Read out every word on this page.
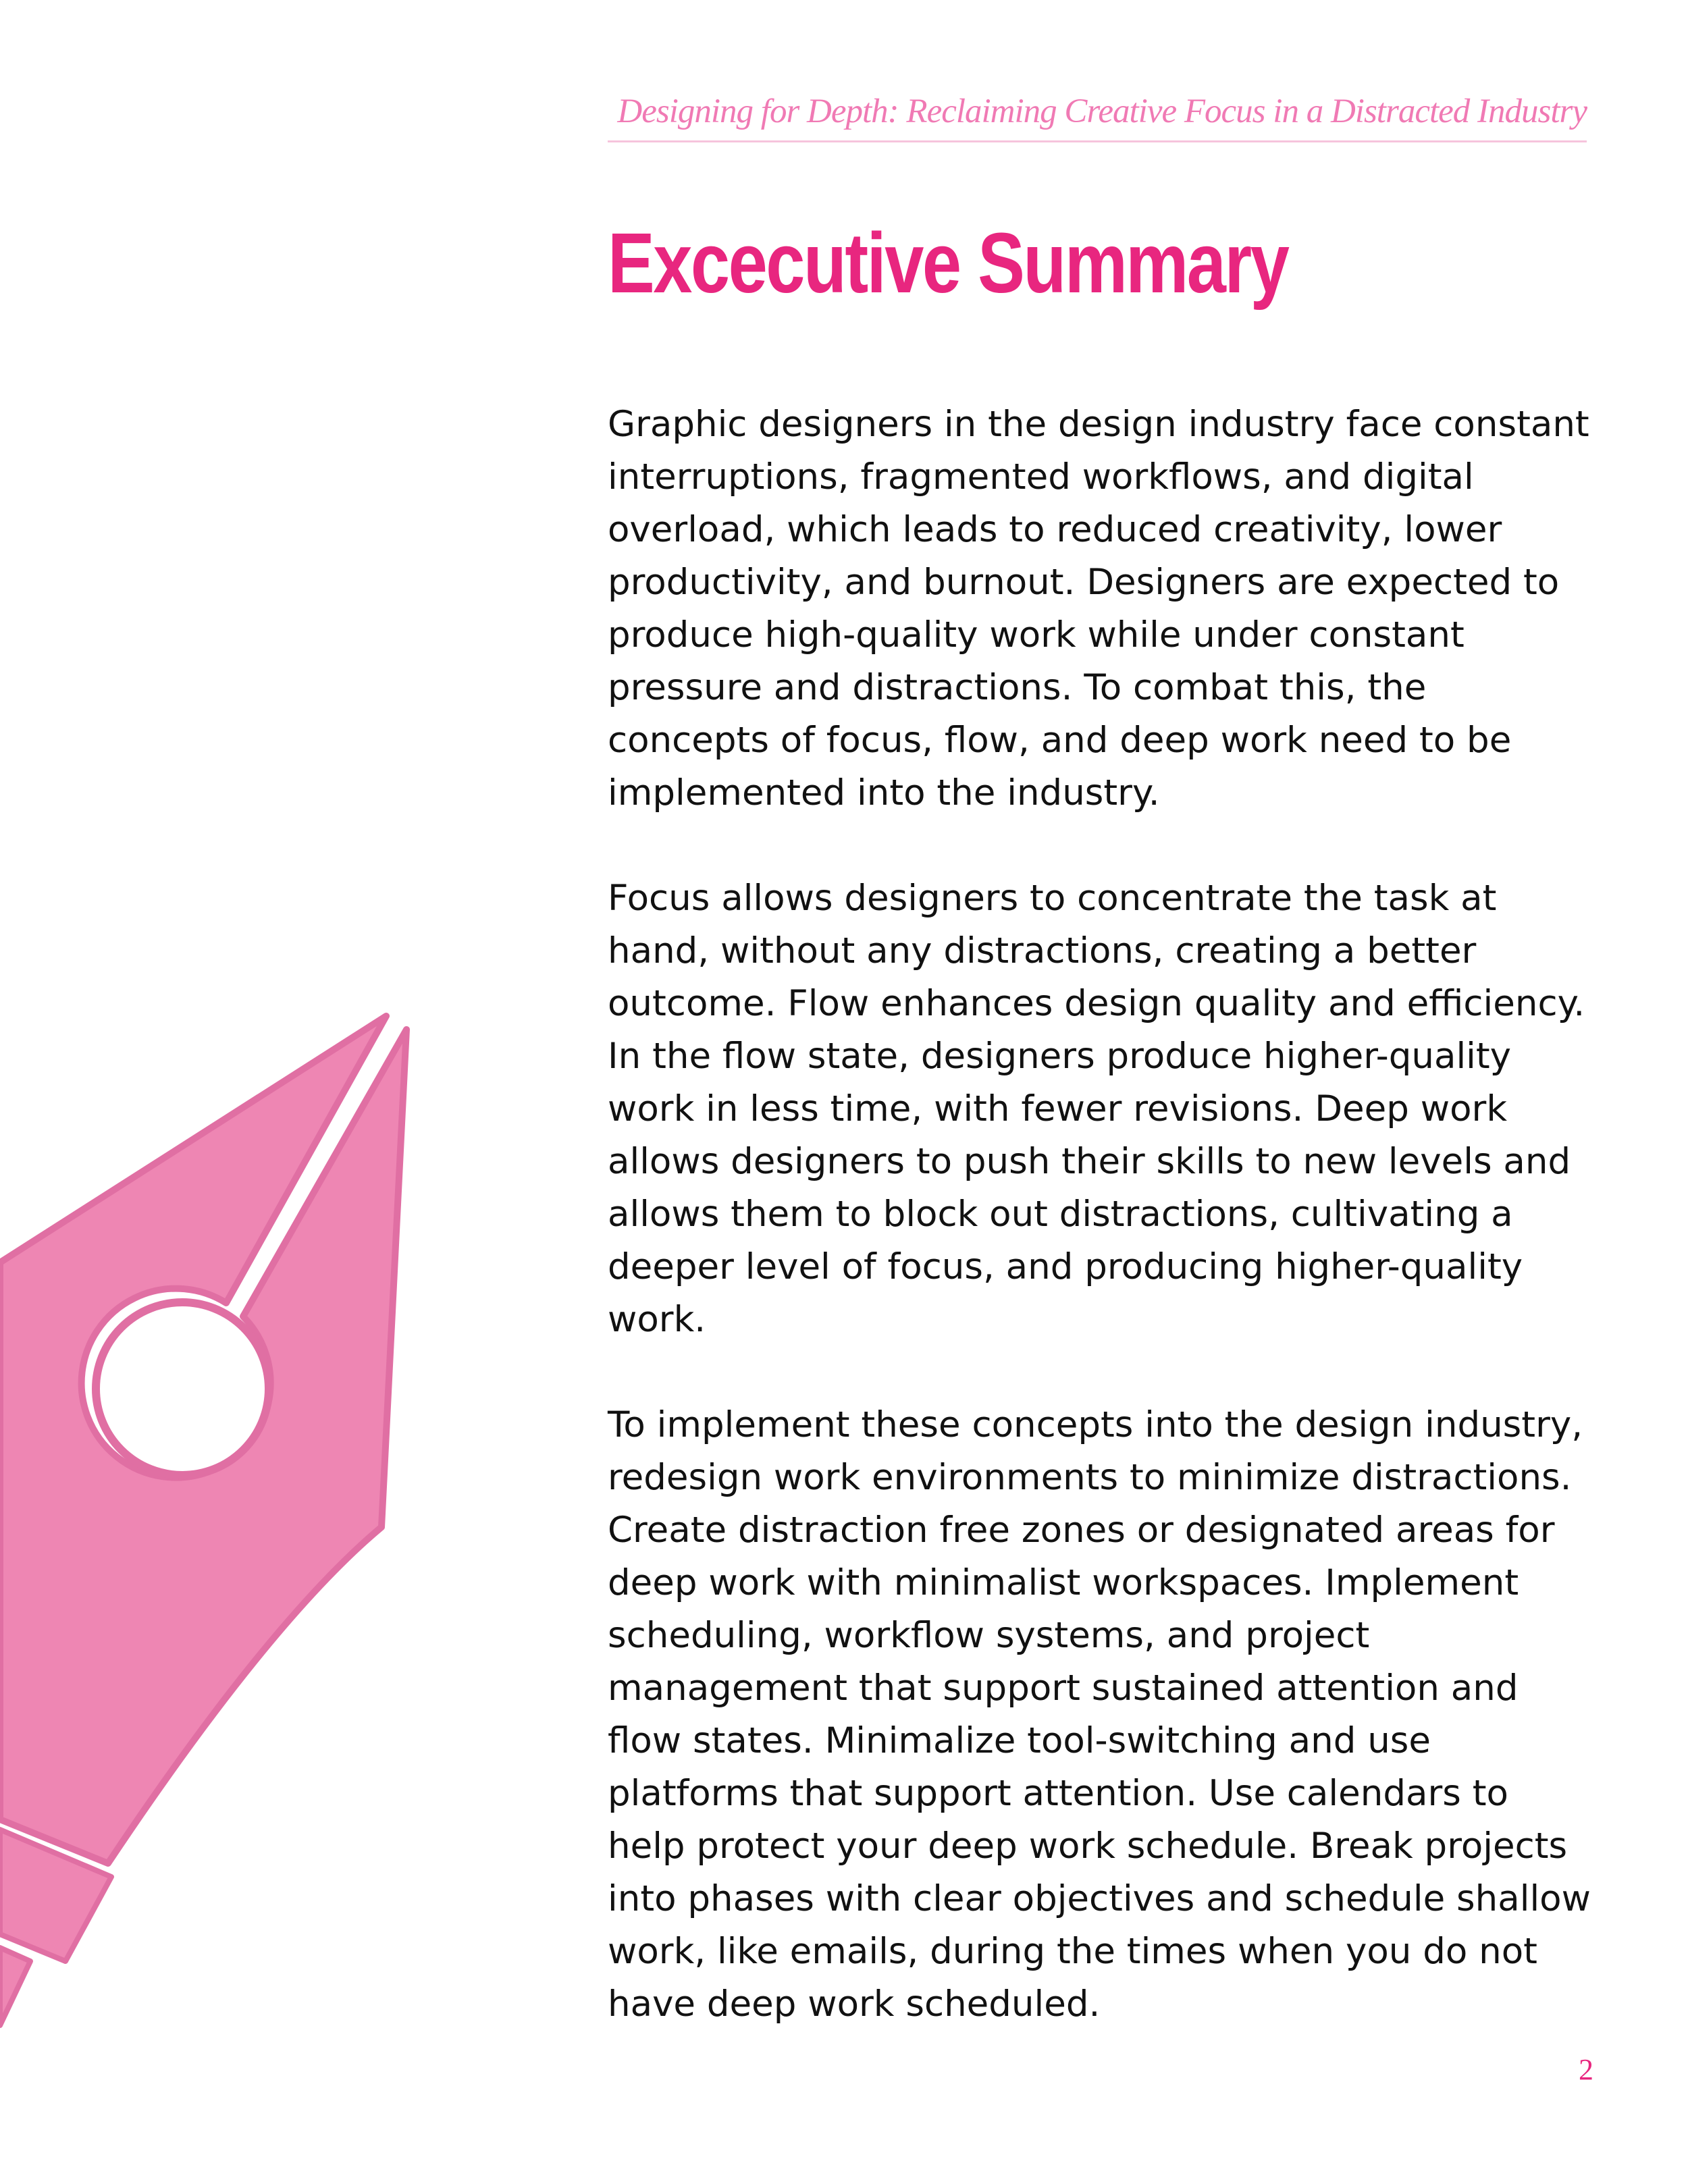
Designing for Depth: Reclaiming Creative Focus in a Distracted Industry
Excecutive Summary

Graphic designers in the design industry face constant interruptions, fragmented workflows, and digital overload, which leads to reduced creativity, lower productivity, and burnout. Designers are expected to produce high-quality work while under constant pressure and distractions. To combat this, the concepts of focus, flow, and deep work need to be implemented into the industry.

Focus allows designers to concentrate the task at hand, without any distractions, creating a better outcome. Flow enhances design quality and efficiency. In the flow state, designers produce higher-quality work in less time, with fewer revisions. Deep work allows designers to push their skills to new levels and allows them to block out distractions, cultivating a deeper level of focus, and producing higher-quality work.

To implement these concepts into the design industry, redesign work environments to minimize distractions. Create distraction free zones or designated areas for deep work with minimalist workspaces. Implement scheduling, workflow systems, and project management that support sustained attention and flow states. Minimalize tool-switching and use platforms that support attention. Use calendars to help protect your deep work schedule. Break projects into phases with clear objectives and schedule shallow work, like emails, during the times when you do not have deep work scheduled.

2
